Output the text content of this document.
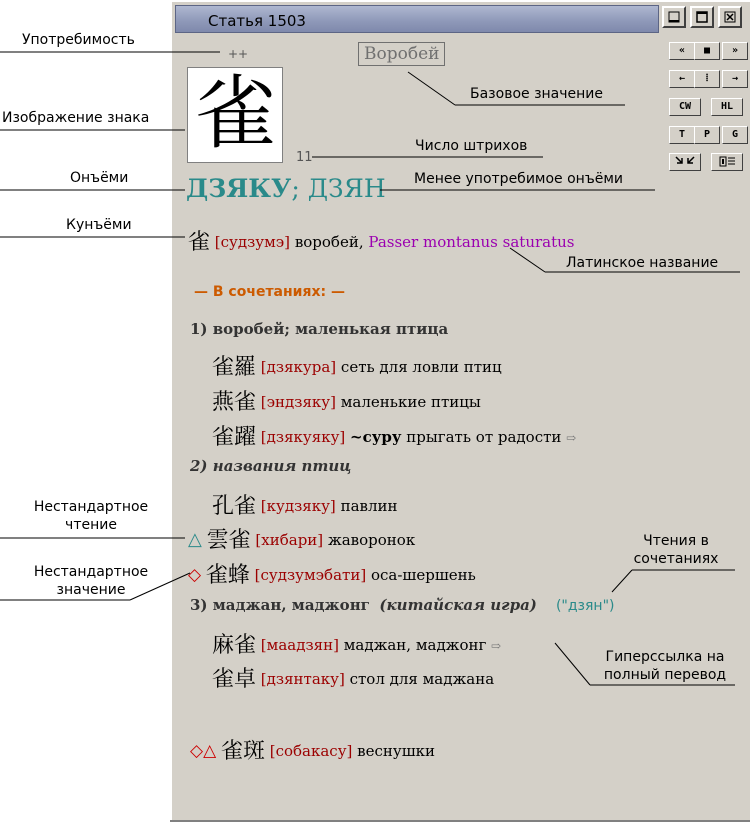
Статья 1503
«	■	»
←	⁞	→
CW	HL
T	P	G
++	Воробей
雀	11
ДЗЯКУ; ДЗЯН
雀 [судзумэ] воробей, Passer montanus saturatus
— В сочетаниях: —
1) воробей; маленькая птица
雀羅 [дзякура] сеть для ловли птиц
燕雀 [эндзяку] маленькие птицы
雀躍 [дзякуяку] ~суру прыгать от радости ⇨
2) названия птиц
孔雀 [кудзяку] павлин
△ 雲雀 [хибари] жаворонок
◇ 雀蜂 [судзумэбати] оса-шершень
3) маджан, маджонг (китайская игра) ("дзян")
麻雀 [маадзян] маджан, маджонг ⇨
雀卓 [дзянтаку] стол для маджана
◇△ 雀斑 [собакасу] веснушки
Употребимость
Изображение знака
Онъёми
Кунъёми
Нестандартное
чтение
Нестандартное
значение
Базовое значение
Число штрихов
Менее употребимое онъёми
Латинское название
Чтения в
сочетаниях
Гиперссылка на
полный перевод
